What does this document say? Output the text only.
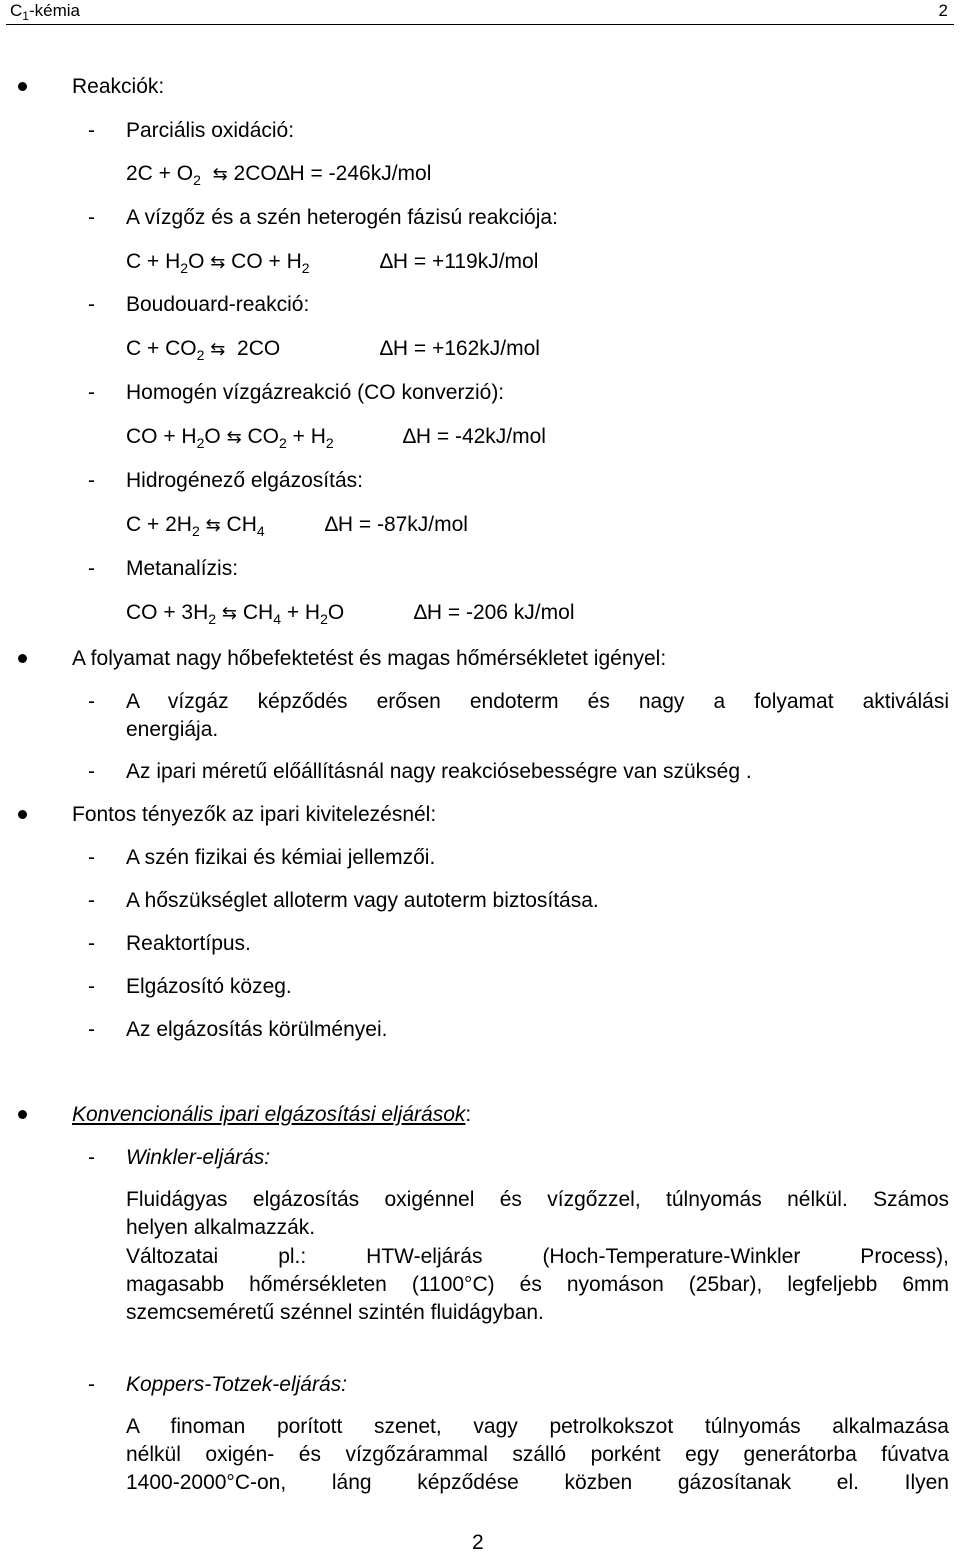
$C_1$-kémia	2
Reakciók:
- Parciális oxidáció:
$2C + O_2$ ⇆ 2CO∆H = -246kJ/mol
- A vízgőz és a szén heterogén fázisú reakciója:
$C + H_2O$ ⇆ CO + $H_2$	∆H = +119kJ/mol
- Boudouard-reakció:
$C + CO_2$ ⇆  2CO	∆H = +162kJ/mol
- Homogén vízgázreakció (CO konverzió):
CO + $H_2O$ ⇆ $CO_2 + H_2$	∆H = -42kJ/mol
- Hidrogénező elgázosítás:
$C + 2H_2$ ⇆ $CH_4$	∆H = -87kJ/mol
- Metanalízis:
CO + $3H_2$ ⇆ $CH_4 + H_2O$	∆H = -206 kJ/mol
A folyamat nagy hőbefektetést és magas hőmérsékletet igényel:
- A vízgáz képződés erősen endoterm és nagy a folyamat aktiválási
energiája.
- Az ipari méretű előállításnál nagy reakciósebességre van szükség .
Fontos tényezők az ipari kivitelezésnél:
- A szén fizikai és kémiai jellemzői.
- A hőszükséglet alloterm vagy autoterm biztosítása.
- Reaktortípus.
- Elgázosító közeg.
- Az elgázosítás körülményei.
Konvencionális ipari elgázosítási eljárások:
- Winkler-eljárás:
Fluidágyas elgázosítás oxigénnel és vízgőzzel, túlnyomás nélkül. Számos
helyen alkalmazzák.
Változatai pl.: HTW-eljárás (Hoch-Temperature-Winkler Process),
magasabb hőmérsékleten (1100°C) és nyomáson (25bar), legfeljebb 6mm
szemcseméretű szénnel szintén fluidágyban.
- Koppers-Totzek-eljárás:
A finoman porított szenet, vagy petrolkokszot túlnyomás alkalmazása
nélkül oxigén- és vízgőzárammal szálló porként egy generátorba fúvatva
1400-2000°C-on, láng képződése közben gázosítanak el. Ilyen
2
